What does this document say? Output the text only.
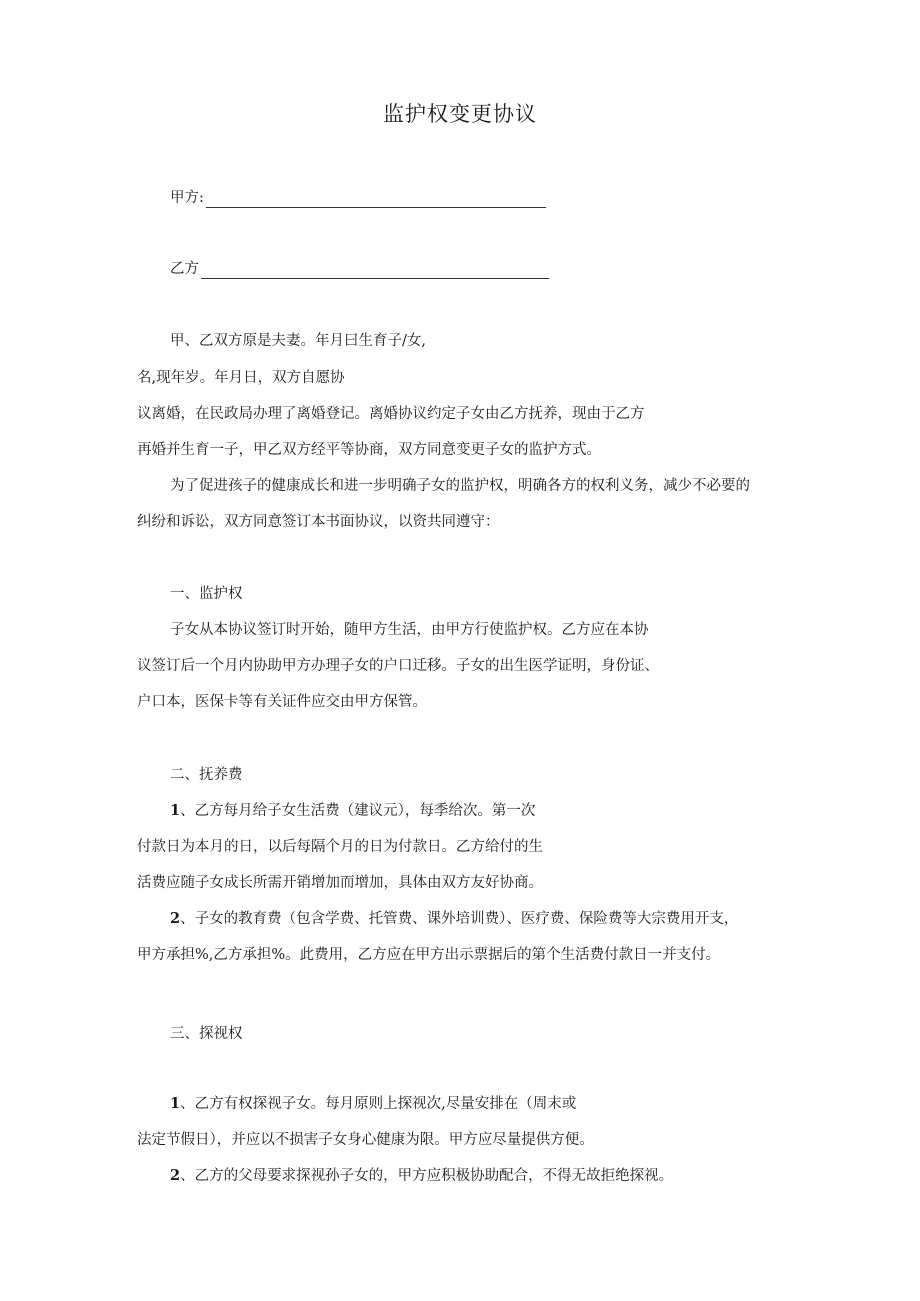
监护权变更协议
甲方:
乙方
甲、乙双方原是夫妻。年月曰生育子/女,
名,现年岁。年月日，双方自愿协
议离婚，在民政局办理了离婚登记。离婚协议约定子女由乙方抚养，现由于乙方
再婚并生育一子，甲乙双方经平等协商，双方同意变更子女的监护方式。
为了促进孩子的健康成长和进一步明确子女的监护权，明确各方的权利义务，减少不必要的
纠纷和诉讼，双方同意签订本书面协议，以资共同遵守：
一、监护权
子女从本协议签订时开始，随甲方生活，由甲方行使监护权。乙方应在本协
议签订后一个月内协助甲方办理子女的户口迁移。子女的出生医学证明，身份证、
户口本，医保卡等有关证件应交由甲方保管。
二、抚养费
1、乙方每月给子女生活费（建议元），每季给次。第一次
付款日为本月的日，以后每隔个月的日为付款日。乙方给付的生
活费应随子女成长所需开销增加而增加，具体由双方友好协商。
2、子女的教育费（包含学费、托管费、课外培训费）、医疗费、保险费等大宗费用开支，
甲方承担%,乙方承担%。此费用，乙方应在甲方出示票据后的第个生活费付款日一并支付。
三、探视权
1、乙方有权探视子女。每月原则上探视次,尽量安排在（周末或
法定节假日），并应以不损害子女身心健康为限。甲方应尽量提供方便。
2、乙方的父母要求探视孙子女的，甲方应积极协助配合，不得无故拒绝探视。
